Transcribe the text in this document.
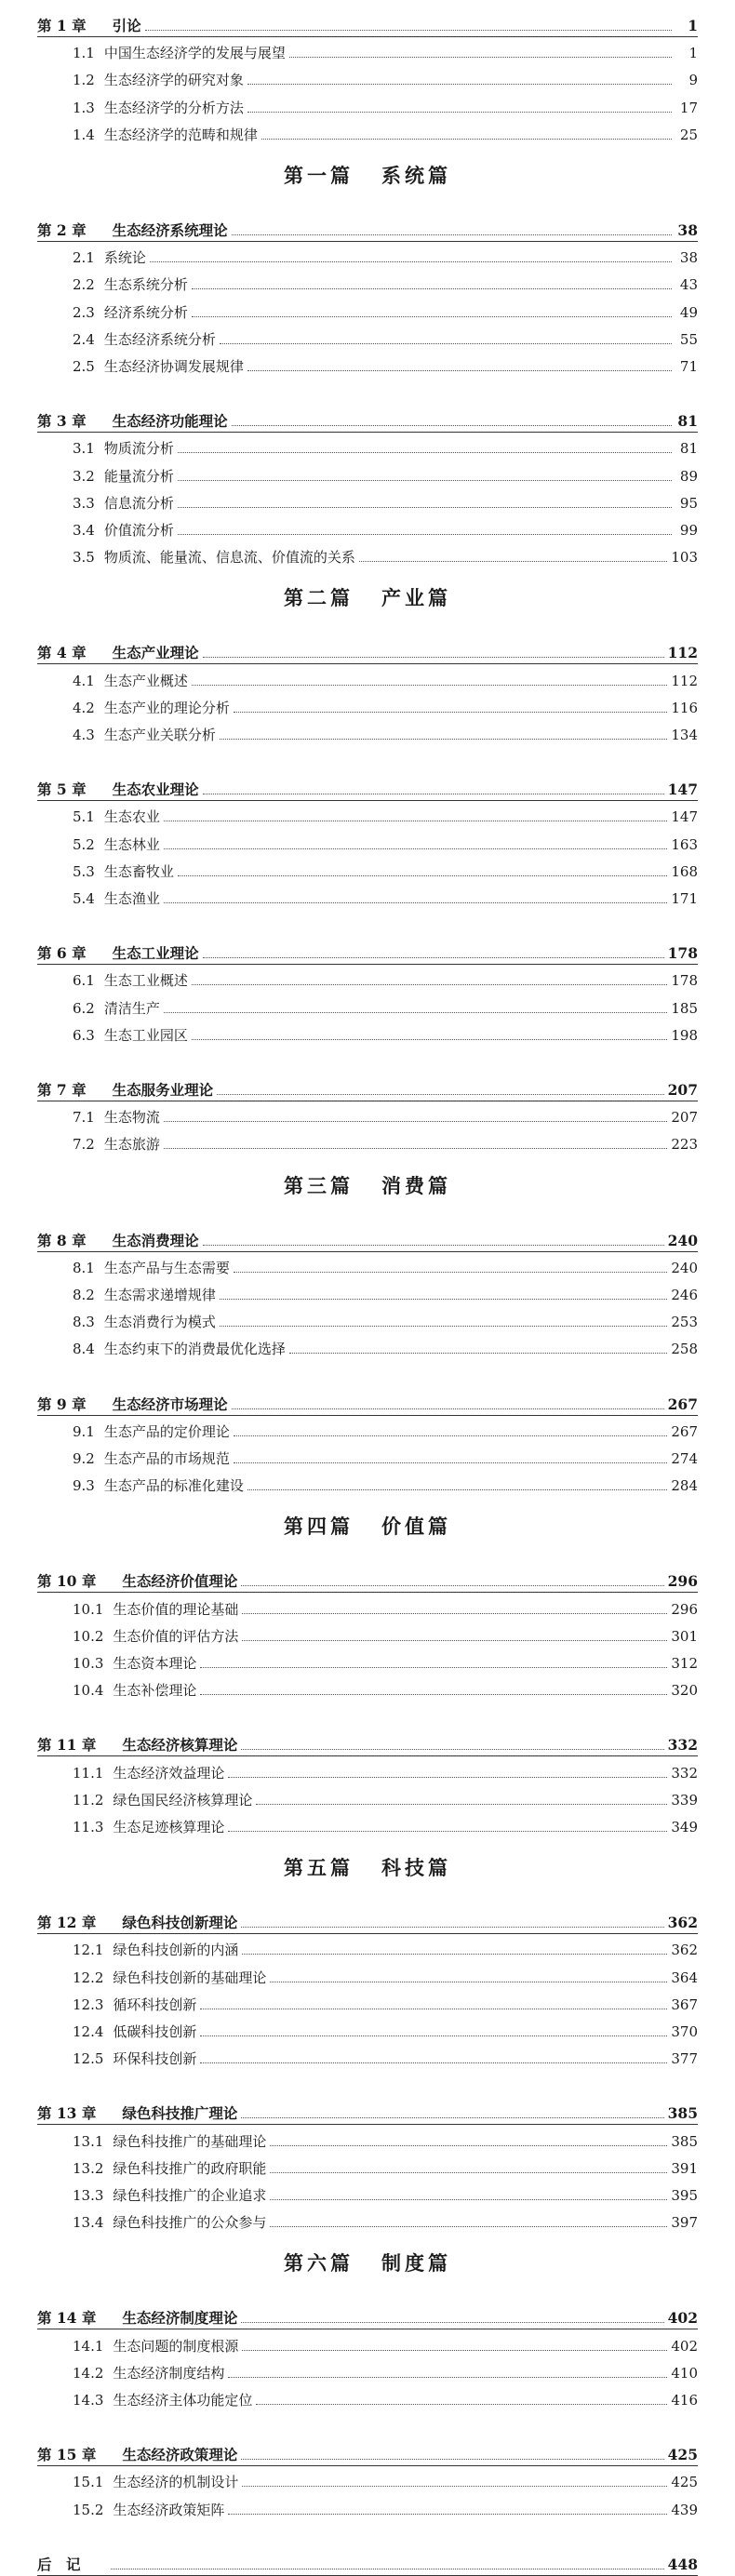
第 1 章 引论	1
1.1 中国生态经济学的发展与展望	1
1.2 生态经济学的研究对象	9
1.3 生态经济学的分析方法	17
1.4 生态经济学的范畴和规律	25
第一篇 系统篇
第 2 章 生态经济系统理论	38
2.1 系统论	38
2.2 生态系统分析	43
2.3 经济系统分析	49
2.4 生态经济系统分析	55
2.5 生态经济协调发展规律	71
第 3 章 生态经济功能理论	81
3.1 物质流分析	81
3.2 能量流分析	89
3.3 信息流分析	95
3.4 价值流分析	99
3.5 物质流、能量流、信息流、价值流的关系	103
第二篇 产业篇
第 4 章 生态产业理论	112
4.1 生态产业概述	112
4.2 生态产业的理论分析	116
4.3 生态产业关联分析	134
第 5 章 生态农业理论	147
5.1 生态农业	147
5.2 生态林业	163
5.3 生态畜牧业	168
5.4 生态渔业	171
第 6 章 生态工业理论	178
6.1 生态工业概述	178
6.2 清洁生产	185
6.3 生态工业园区	198
第 7 章 生态服务业理论	207
7.1 生态物流	207
7.2 生态旅游	223
第三篇 消费篇
第 8 章 生态消费理论	240
8.1 生态产品与生态需要	240
8.2 生态需求递增规律	246
8.3 生态消费行为模式	253
8.4 生态约束下的消费最优化选择	258
第 9 章 生态经济市场理论	267
9.1 生态产品的定价理论	267
9.2 生态产品的市场规范	274
9.3 生态产品的标准化建设	284
第四篇 价值篇
第 10 章 生态经济价值理论	296
10.1 生态价值的理论基础	296
10.2 生态价值的评估方法	301
10.3 生态资本理论	312
10.4 生态补偿理论	320
第 11 章 生态经济核算理论	332
11.1 生态经济效益理论	332
11.2 绿色国民经济核算理论	339
11.3 生态足迹核算理论	349
第五篇 科技篇
第 12 章 绿色科技创新理论	362
12.1 绿色科技创新的内涵	362
12.2 绿色科技创新的基础理论	364
12.3 循环科技创新	367
12.4 低碳科技创新	370
12.5 环保科技创新	377
第 13 章 绿色科技推广理论	385
13.1 绿色科技推广的基础理论	385
13.2 绿色科技推广的政府职能	391
13.3 绿色科技推广的企业追求	395
13.4 绿色科技推广的公众参与	397
第六篇 制度篇
第 14 章 生态经济制度理论	402
14.1 生态问题的制度根源	402
14.2 生态经济制度结构	410
14.3 生态经济主体功能定位	416
第 15 章 生态经济政策理论	425
15.1 生态经济的机制设计	425
15.2 生态经济政策矩阵	439
后　记	448
